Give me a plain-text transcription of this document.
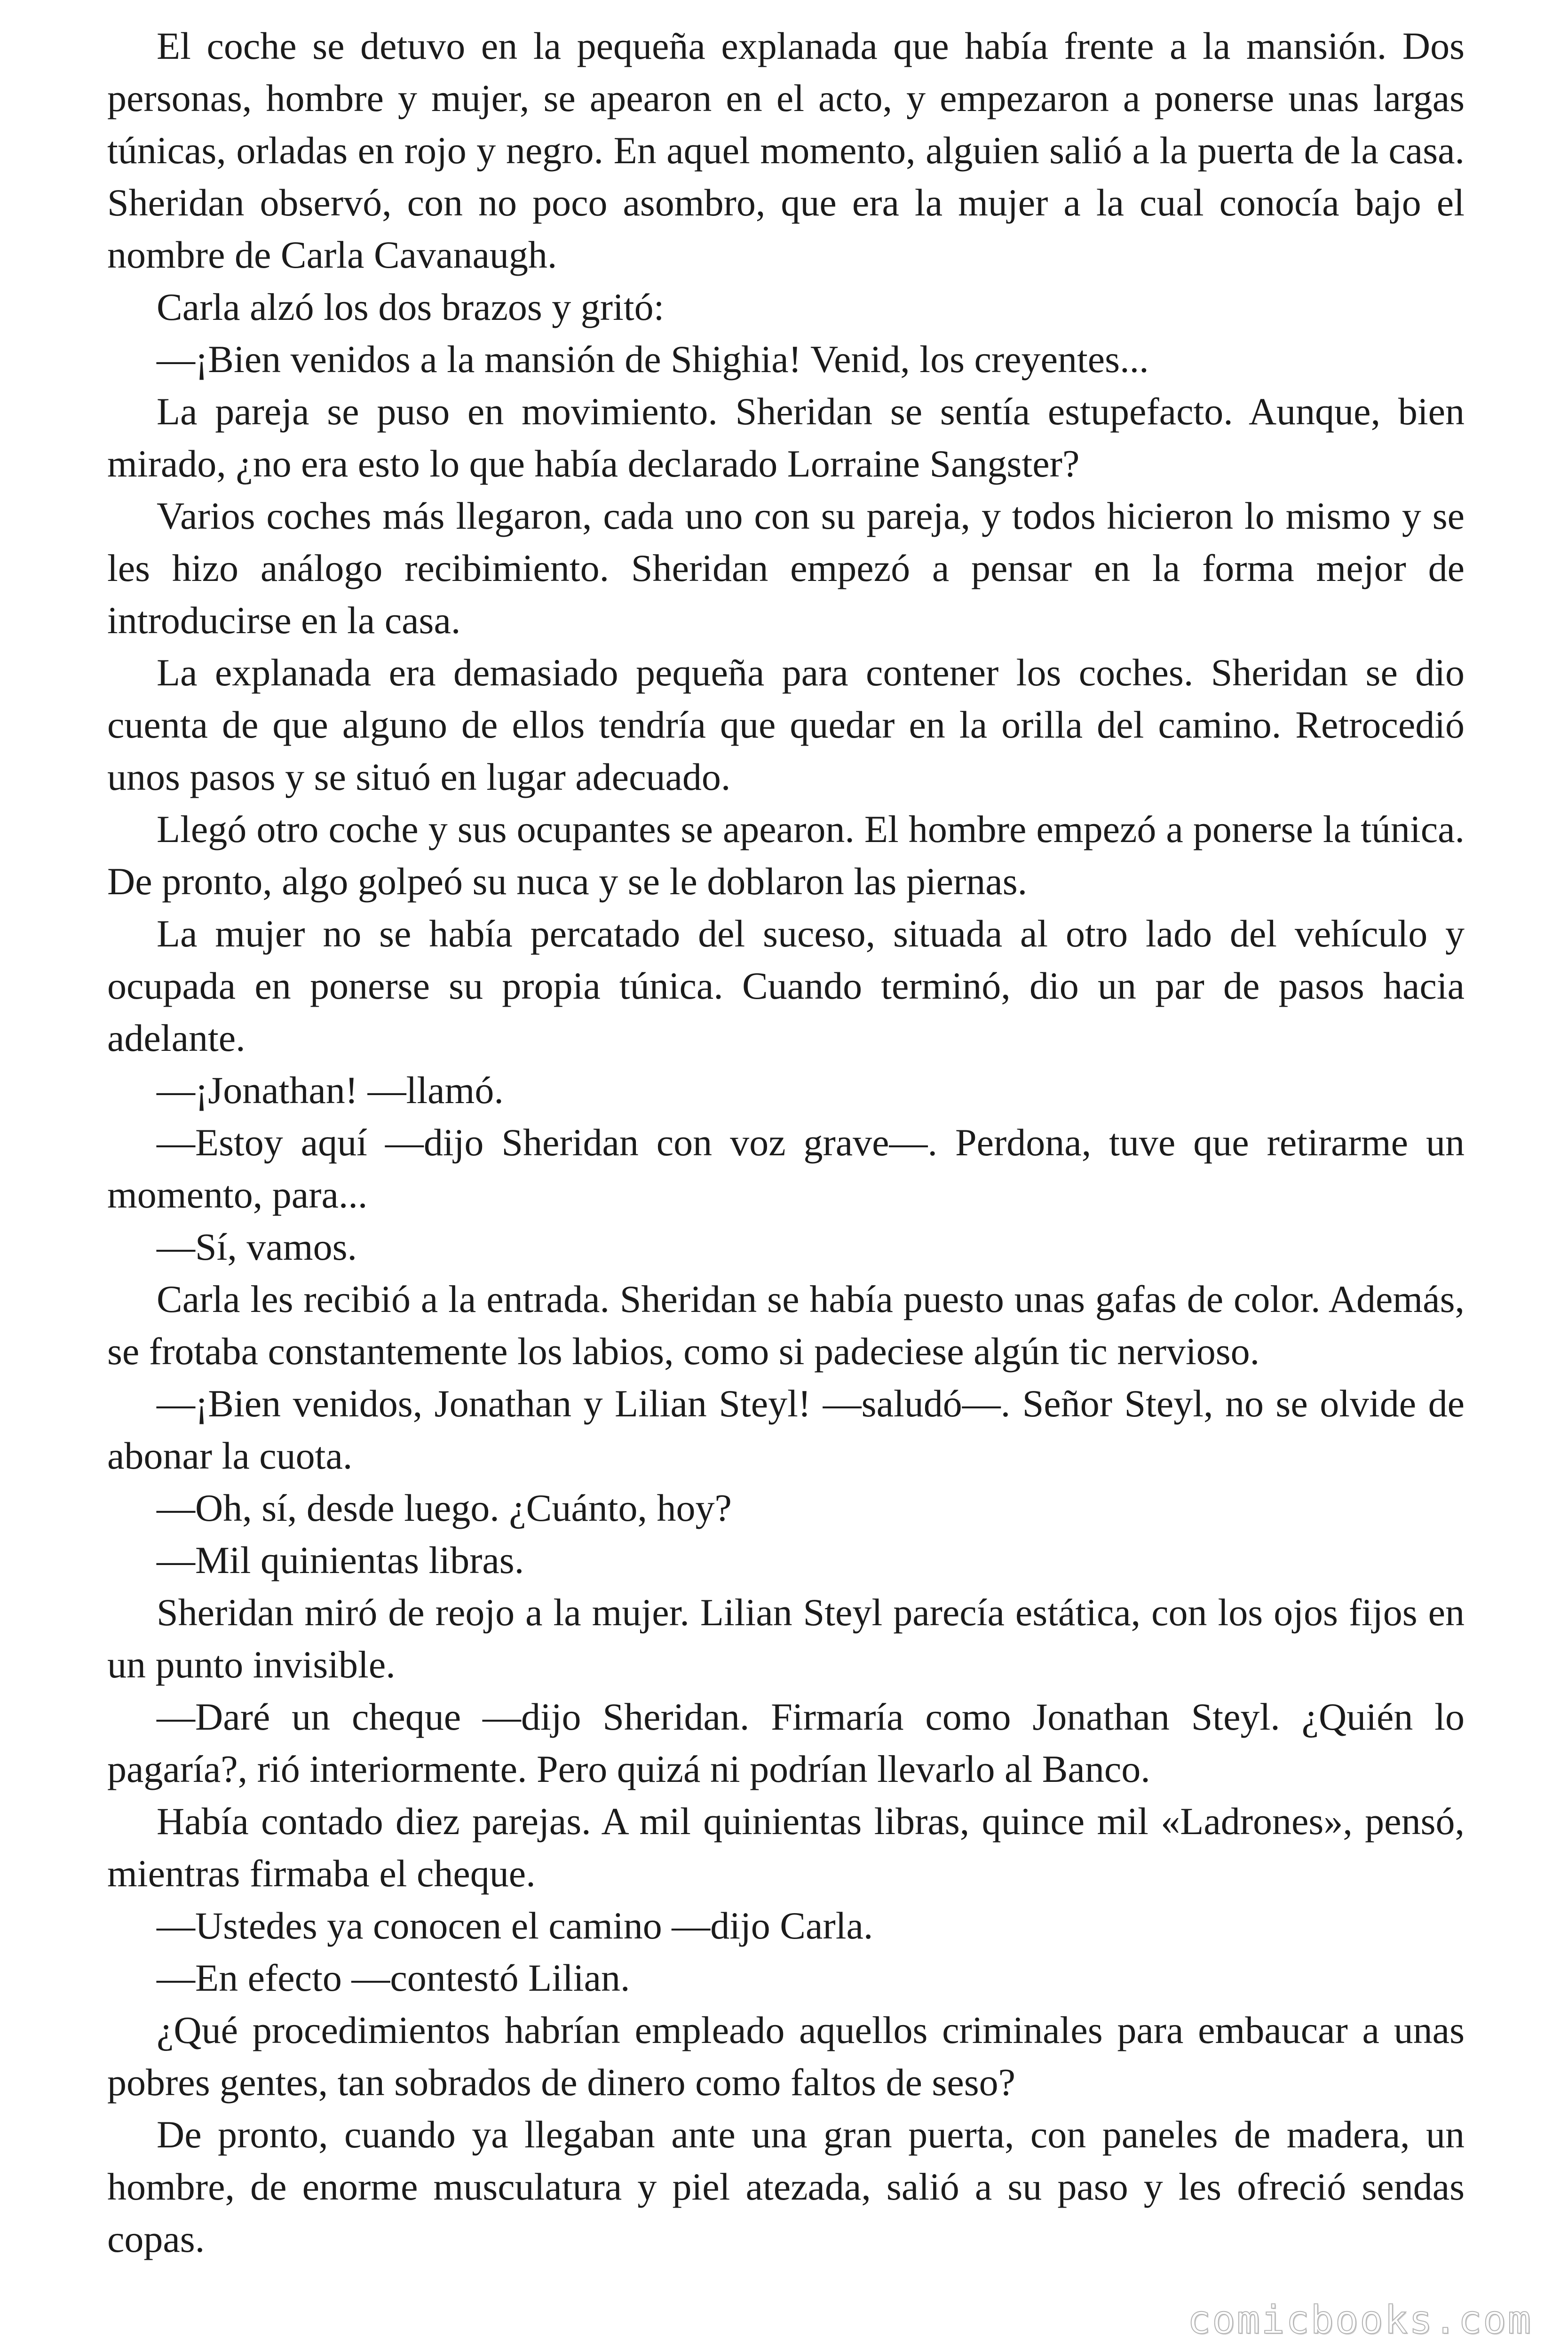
El coche se detuvo en la pequeña explanada que había frente a la mansión. Dos personas, hombre y mujer, se apearon en el acto, y empezaron a ponerse unas largas túnicas, orladas en rojo y negro. En aquel momento, alguien salió a la puerta de la casa. Sheridan observó, con no poco asombro, que era la mujer a la cual conocía bajo el nombre de Carla Cavanaugh.

Carla alzó los dos brazos y gritó:

—¡Bien venidos a la mansión de Shighia! Venid, los creyentes...

La pareja se puso en movimiento. Sheridan se sentía estupefacto. Aunque, bien mirado, ¿no era esto lo que había declarado Lorraine Sangster?

Varios coches más llegaron, cada uno con su pareja, y todos hicieron lo mismo y se les hizo análogo recibimiento. Sheridan empezó a pensar en la forma mejor de introducirse en la casa.

La explanada era demasiado pequeña para contener los coches. Sheridan se dio cuenta de que alguno de ellos tendría que quedar en la orilla del camino. Retrocedió unos pasos y se situó en lugar adecuado.

Llegó otro coche y sus ocupantes se apearon. El hombre empezó a ponerse la túnica. De pronto, algo golpeó su nuca y se le doblaron las piernas.

La mujer no se había percatado del suceso, situada al otro lado del vehículo y ocupada en ponerse su propia túnica. Cuando terminó, dio un par de pasos hacia adelante.

—¡Jonathan! —llamó.

—Estoy aquí —dijo Sheridan con voz grave—. Perdona, tuve que retirarme un momento, para...

—Sí, vamos.

Carla les recibió a la entrada. Sheridan se había puesto unas gafas de color. Además, se frotaba constantemente los labios, como si padeciese algún tic nervioso.

—¡Bien venidos, Jonathan y Lilian Steyl! —saludó—. Señor Steyl, no se olvide de abonar la cuota.

—Oh, sí, desde luego. ¿Cuánto, hoy?

—Mil quinientas libras.

Sheridan miró de reojo a la mujer. Lilian Steyl parecía estática, con los ojos fijos en un punto invisible.

—Daré un cheque —dijo Sheridan. Firmaría como Jonathan Steyl. ¿Quién lo pagaría?, rió interiormente. Pero quizá ni podrían llevarlo al Banco.

Había contado diez parejas. A mil quinientas libras, quince mil «Ladrones», pensó, mientras firmaba el cheque.

—Ustedes ya conocen el camino —dijo Carla.

—En efecto —contestó Lilian.

¿Qué procedimientos habrían empleado aquellos criminales para embaucar a unas pobres gentes, tan sobrados de dinero como faltos de seso?

De pronto, cuando ya llegaban ante una gran puerta, con paneles de madera, un hombre, de enorme musculatura y piel atezada, salió a su paso y les ofreció sendas copas.

comicbooks.com
